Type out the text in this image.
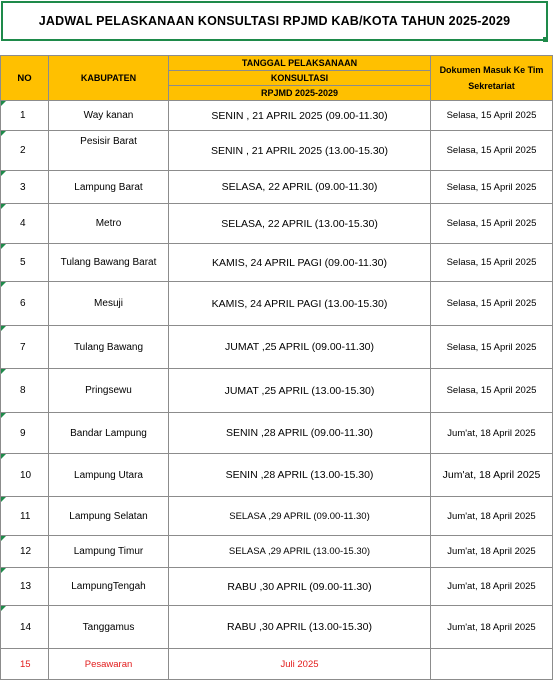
JADWAL PELASKANAAN KONSULTASI RPJMD KAB/KOTA TAHUN 2025-2029
NO	KABUPATEN	TANGGAL PELAKSANAAN	Dokumen Masuk Ke Tim Sekretariat
		KONSULTASI	
		RPJMD 2025-2029	
1	Way kanan	SENIN , 21 APRIL 2025 (09.00-11.30)	Selasa, 15 April 2025
2	Pesisir Barat	SENIN , 21 APRIL 2025 (13.00-15.30)	Selasa, 15 April 2025
3	Lampung Barat	SELASA, 22 APRIL (09.00-11.30)	Selasa, 15 April 2025
4	Metro	SELASA, 22 APRIL (13.00-15.30)	Selasa, 15 April 2025
5	Tulang Bawang Barat	KAMIS, 24 APRIL PAGI (09.00-11.30)	Selasa, 15 April 2025
6	Mesuji	KAMIS, 24 APRIL PAGI (13.00-15.30)	Selasa, 15 April 2025
7	Tulang Bawang	JUMAT ,25 APRIL (09.00-11.30)	Selasa, 15 April 2025
8	Pringsewu	JUMAT ,25 APRIL (13.00-15.30)	Selasa, 15 April 2025
9	Bandar Lampung	SENIN ,28 APRIL (09.00-11.30)	Jum'at, 18 April 2025
10	Lampung Utara	SENIN ,28 APRIL (13.00-15.30)	Jum'at, 18 April 2025
11	Lampung Selatan	SELASA ,29 APRIL (09.00-11.30)	Jum'at, 18 April 2025
12	Lampung Timur	SELASA ,29 APRIL (13.00-15.30)	Jum'at, 18 April 2025
13	LampungTengah	RABU ,30 APRIL (09.00-11.30)	Jum'at, 18 April 2025
14	Tanggamus	RABU ,30 APRIL (13.00-15.30)	Jum'at, 18 April 2025
15	Pesawaran	Juli 2025	
